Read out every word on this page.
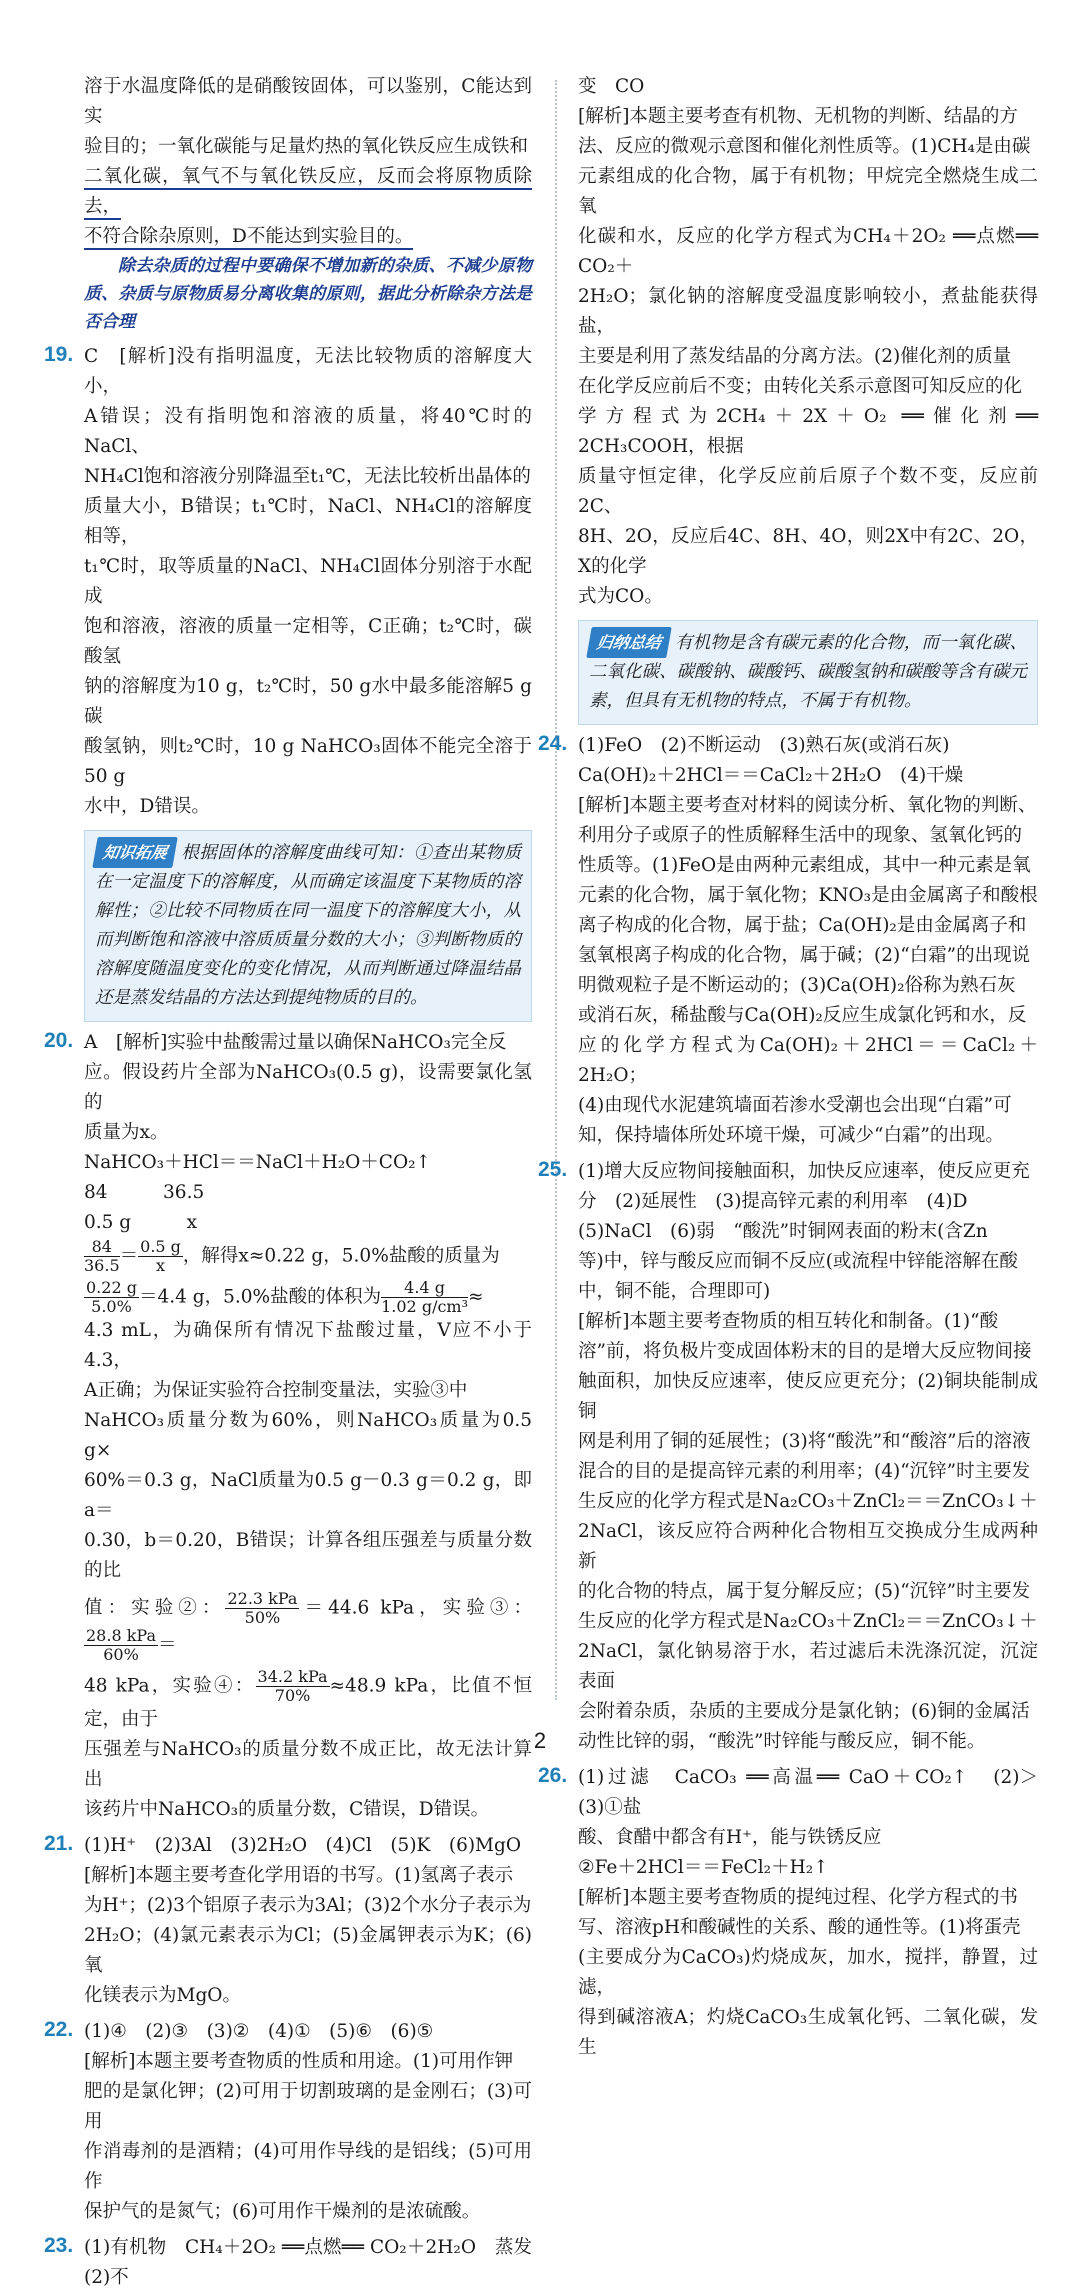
溶于水温度降低的是硝酸铵固体，可以鉴别，C能达到实

验目的；一氧化碳能与足量灼热的氧化铁反应生成铁和

二氧化碳，氧气不与氧化铁反应，反而会将原物质除去，

不符合除杂原则，D不能达到实验目的。

除去杂质的过程中要确保不增加新的杂质、不减少原物质、杂质与原物质易分离收集的原则，据此分析除杂方法是否合理

19. C　[解析]没有指明温度，无法比较物质的溶解度大小，

A错误；没有指明饱和溶液的质量，将40℃时的NaCl、

NH₄Cl饱和溶液分别降温至t₁℃，无法比较析出晶体的

质量大小，B错误；t₁℃时，NaCl、NH₄Cl的溶解度相等，

t₁℃时，取等质量的NaCl、NH₄Cl固体分别溶于水配成

饱和溶液，溶液的质量一定相等，C正确；t₂℃时，碳酸氢

钠的溶解度为10 g，t₂℃时，50 g水中最多能溶解5 g碳

酸氢钠，则t₂℃时，10 g NaHCO₃固体不能完全溶于50 g

水中，D错误。

知识拓展 根据固体的溶解度曲线可知：①查出某物质在一定温度下的溶解度，从而确定该温度下某物质的溶解性；②比较不同物质在同一温度下的溶解度大小，从而判断饱和溶液中溶质质量分数的大小；③判断物质的溶解度随温度变化的变化情况，从而判断通过降温结晶还是蒸发结晶的方法达到提纯物质的目的。

20. A　[解析]实验中盐酸需过量以确保NaHCO₃完全反

应。假设药片全部为NaHCO₃(0.5 g)，设需要氯化氢的

质量为x。

NaHCO₃＋HCl＝＝NaCl＋H₂O＋CO₂↑

84　　　36.5

0.5 g　　　x

$\frac{84}{36.5} = \frac{0.5 g}{x}$ ，解得x≈0.22 g，5.0%盐酸的质量为

$\frac{0.22 g}{5.0\%} =4.4$ g，5.0%盐酸的体积为 $\frac{4.4 g}{\text{1.02 g/cm³}}$ ≈

4.3 mL，为确保所有情况下盐酸过量，V应不小于4.3，

A正确；为保证实验符合控制变量法，实验③中

NaHCO₃质量分数为60%，则NaHCO₃质量为0.5 g×

60%＝0.3 g，NaCl质量为0.5 g－0.3 g＝0.2 g，即a＝

0.30，b＝0.20，B错误；计算各组压强差与质量分数的比

值：实验②： $\frac{\text{22.3 kPa}}{50\%} =44.6$ kPa，实验③：
$\frac{\text{28.8 kPa}}{60\%}$ ＝

48 kPa，实验④： $\frac{\text{34.2 kPa}}{70\%} \approx 48.9$ kPa，比值不恒定，由于

压强差与NaHCO₃的质量分数不成正比，故无法计算出

该药片中NaHCO₃的质量分数，C错误，D错误。

21. (1)H⁺　(2)3Al　(3)2H₂O　(4)Cl　(5)K　(6)MgO

[解析]本题主要考查化学用语的书写。(1)氢离子表示

为H⁺；(2)3个铝原子表示为3Al；(3)2个水分子表示为

2H₂O；(4)氯元素表示为Cl；(5)金属钾表示为K；(6)氧

化镁表示为MgO。

22. (1)④　(2)③　(3)②　(4)①　(5)⑥　(6)⑤

[解析]本题主要考查物质的性质和用途。(1)可用作钾

肥的是氯化钾；(2)可用于切割玻璃的是金刚石；(3)可用

作消毒剂的是酒精；(4)可用作导线的是铝线；(5)可用作

保护气的是氮气；(6)可用作干燥剂的是浓硫酸。

23. (1)有机物　CH₄＋2O₂ ══点燃══ CO₂＋2H₂O　蒸发　(2)不

变　CO

[解析]本题主要考查有机物、无机物的判断、结晶的方

法、反应的微观示意图和催化剂性质等。(1)CH₄是由碳

元素组成的化合物，属于有机物；甲烷完全燃烧生成二氧

化碳和水，反应的化学方程式为CH₄＋2O₂ ══点燃══ CO₂＋

2H₂O；氯化钠的溶解度受温度影响较小，煮盐能获得盐，

主要是利用了蒸发结晶的分离方法。(2)催化剂的质量

在化学反应前后不变；由转化关系示意图可知反应的化

学方程式为2CH₄＋2X＋O₂ ══催化剂══ 2CH₃COOH，根据

质量守恒定律，化学反应前后原子个数不变，反应前2C、

8H、2O，反应后4C、8H、4O，则2X中有2C、2O，X的化学

式为CO。

归纳总结 有机物是含有碳元素的化合物，而一氧化碳、二氧化碳、碳酸钠、碳酸钙、碳酸氢钠和碳酸等含有碳元素，但具有无机物的特点，不属于有机物。

24. (1)FeO　(2)不断运动　(3)熟石灰(或消石灰)

Ca(OH)₂＋2HCl＝＝CaCl₂＋2H₂O　(4)干燥

[解析]本题主要考查对材料的阅读分析、氧化物的判断、

利用分子或原子的性质解释生活中的现象、氢氧化钙的

性质等。(1)FeO是由两种元素组成，其中一种元素是氧

元素的化合物，属于氧化物；KNO₃是由金属离子和酸根

离子构成的化合物，属于盐；Ca(OH)₂是由金属离子和

氢氧根离子构成的化合物，属于碱；(2)“白霜”的出现说

明微观粒子是不断运动的；(3)Ca(OH)₂俗称为熟石灰

或消石灰，稀盐酸与Ca(OH)₂反应生成氯化钙和水，反

应的化学方程式为Ca(OH)₂＋2HCl＝＝CaCl₂＋2H₂O；

(4)由现代水泥建筑墙面若渗水受潮也会出现“白霜”可

知，保持墙体所处环境干燥，可减少“白霜”的出现。

25. (1)增大反应物间接触面积，加快反应速率，使反应更充

分　(2)延展性　(3)提高锌元素的利用率　(4)D

(5)NaCl　(6)弱　“酸洗”时铜网表面的粉末(含Zn

等)中，锌与酸反应而铜不反应(或流程中锌能溶解在酸

中，铜不能，合理即可)

[解析]本题主要考查物质的相互转化和制备。(1)“酸

溶”前，将负极片变成固体粉末的目的是增大反应物间接

触面积，加快反应速率，使反应更充分；(2)铜块能制成铜

网是利用了铜的延展性；(3)将“酸洗”和“酸溶”后的溶液

混合的目的是提高锌元素的利用率；(4)“沉锌”时主要发

生反应的化学方程式是Na₂CO₃＋ZnCl₂＝＝ZnCO₃↓＋

2NaCl，该反应符合两种化合物相互交换成分生成两种新

的化合物的特点，属于复分解反应；(5)“沉锌”时主要发

生反应的化学方程式是Na₂CO₃＋ZnCl₂＝＝ZnCO₃↓＋

2NaCl，氯化钠易溶于水，若过滤后未洗涤沉淀，沉淀表面

会附着杂质，杂质的主要成分是氯化钠；(6)铜的金属活

动性比锌的弱，“酸洗”时锌能与酸反应，铜不能。

26. (1)过滤　CaCO₃ ══高温══ CaO＋CO₂↑　(2)＞　(3)①盐

酸、食醋中都含有H⁺，能与铁锈反应

②Fe＋2HCl＝＝FeCl₂＋H₂↑

[解析]本题主要考查物质的提纯过程、化学方程式的书

写、溶液pH和酸碱性的关系、酸的通性等。(1)将蛋壳

(主要成分为CaCO₃)灼烧成灰，加水，搅拌，静置，过滤，

得到碱溶液A；灼烧CaCO₃生成氧化钙、二氧化碳，发生

2
